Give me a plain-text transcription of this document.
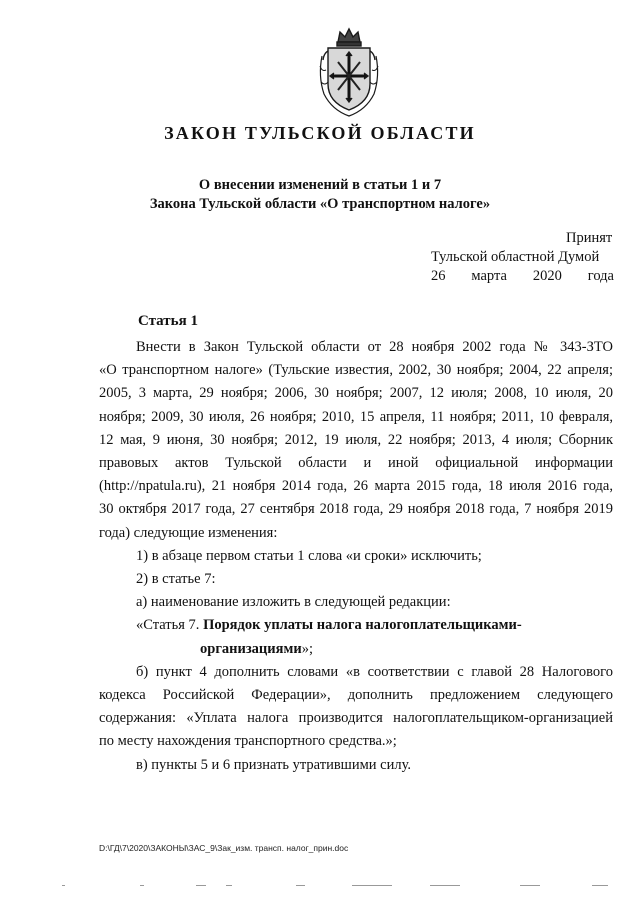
ЗАКОН ТУЛЬСКОЙ ОБЛАСТИ
О внесении изменений в статьи 1 и 7
Закона Тульской области «О транспортном налоге»
Принят
Тульской областной Думой
26 марта 2020 года
Статья 1
Внести в Закон Тульской области от 28 ноября 2002 года № 343-ЗТО
«О транспортном налоге» (Тульские известия, 2002, 30 ноября; 2004, 22 апреля;
2005, 3 марта, 29 ноября; 2006, 30 ноября; 2007, 12 июля; 2008, 10 июля, 20
ноября; 2009, 30 июля, 26 ноября; 2010, 15 апреля, 11 ноября; 2011, 10 февраля,
12 мая, 9 июня, 30 ноября; 2012, 19 июля, 22 ноября; 2013, 4 июля; Сборник
правовых актов Тульской области и иной официальной информации
(http://npatula.ru), 21 ноября 2014 года, 26 марта 2015 года, 18 июля 2016 года,
30 октября 2017 года, 27 сентября 2018 года, 29 ноября 2018 года, 7 ноября 2019
года) следующие изменения:
1) в абзаце первом статьи 1 слова «и сроки» исключить;
2) в статье 7:
а) наименование изложить в следующей редакции:
«Статья 7. Порядок уплаты налога налогоплательщиками-
организациями»;
б) пункт 4 дополнить словами «в соответствии с главой 28 Налогового
кодекса Российской Федерации», дополнить предложением следующего
содержания: «Уплата налога производится налогоплательщиком-организацией
по месту нахождения транспортного средства.»;
в) пункты 5 и 6 признать утратившими силу.
D:\ГД\7\2020\ЗАКОНЫ\ЗАС_9\Зак_изм. трансп. налог_прин.doc
